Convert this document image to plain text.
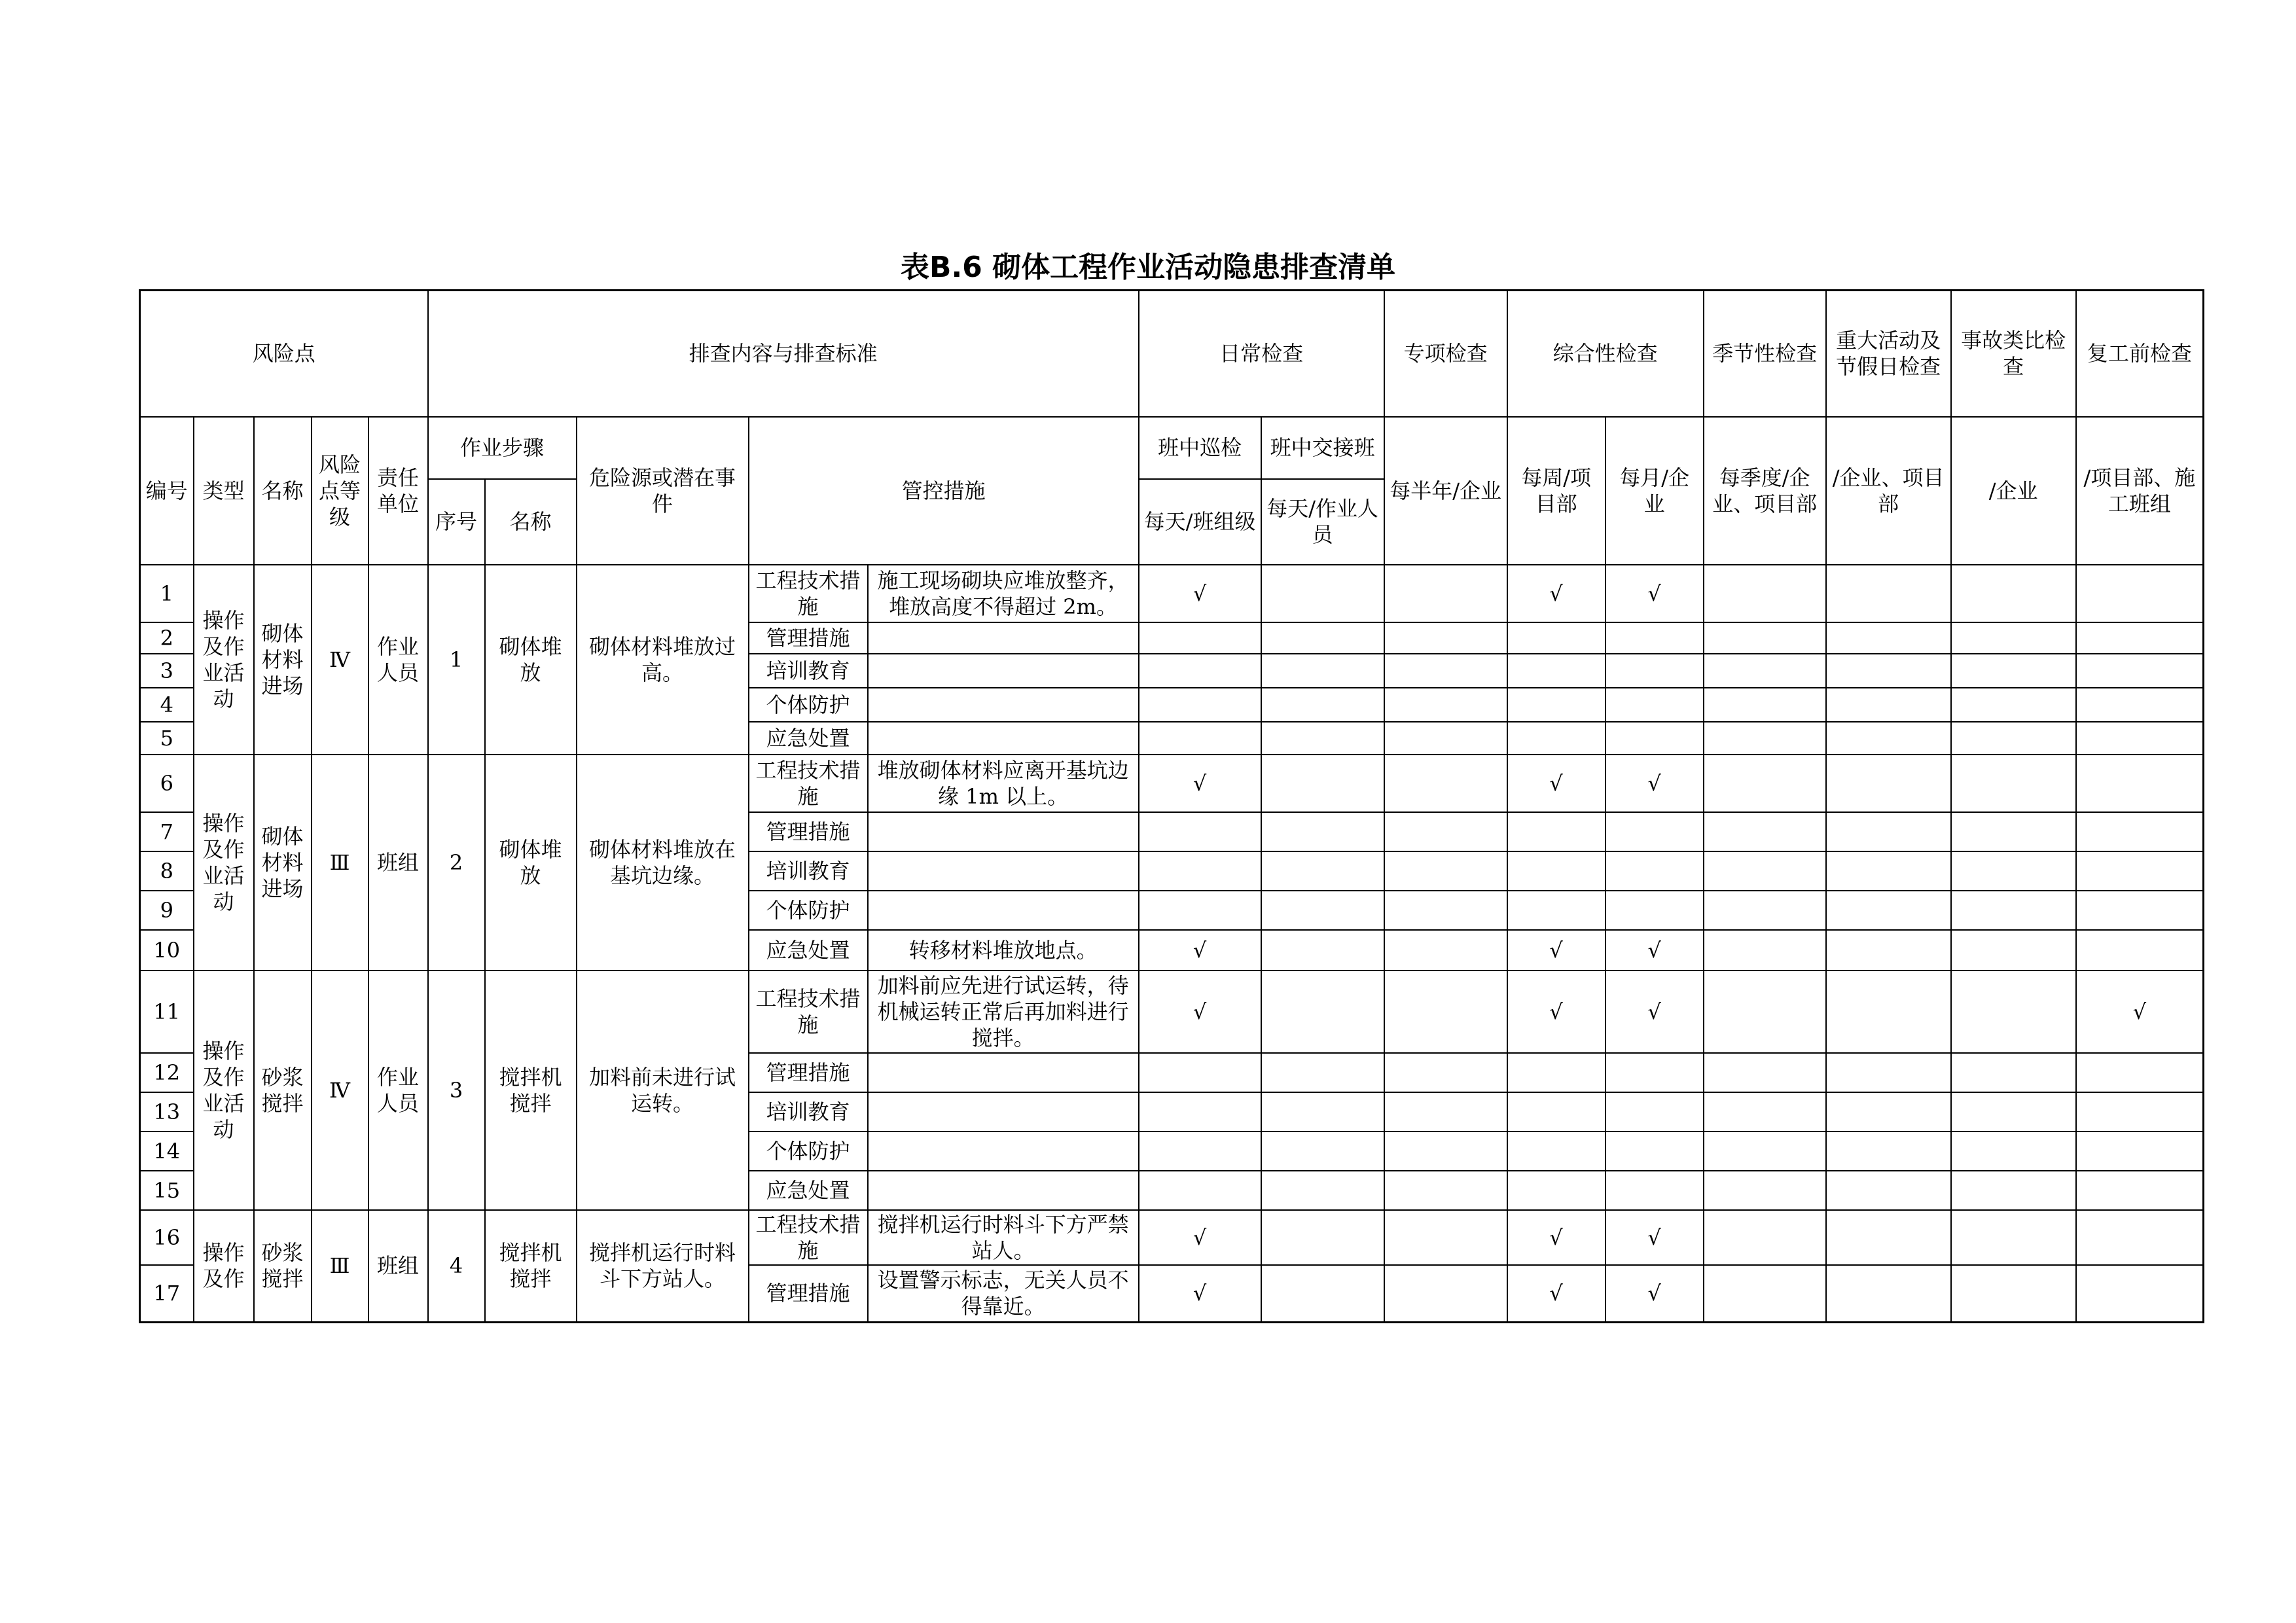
表B.6 砌体工程作业活动隐患排查清单
风险点					排查内容与排查标准					日常检查		专项检查	综合性检查		季节性检查	重大活动及节假日检查	事故类比检查	复工前检查
编号	类型	名称	风险点等级	责任单位	作业步骤		危险源或潜在事件	管控措施		班中巡检	班中交接班	每半年/企业	每周/项目部	每月/企业	每季度/企业、项目部	/企业、项目部	/企业	/项目部、施工班组
					序号	名称				每天/班组级	每天/作业人员							
1	操作及作业活动	砌体材料进场	Ⅳ	作业人员	1	砌体堆放	砌体材料堆放过高。	工程技术措施	施工现场砌块应堆放整齐，堆放高度不得超过 2m。	√			√	√				
2								管理措施										
3								培训教育										
4								个体防护										
5								应急处置										
6	操作及作业活动	砌体材料进场	Ⅲ	班组	2	砌体堆放	砌体材料堆放在基坑边缘。	工程技术措施	堆放砌体材料应离开基坑边缘 1m 以上。	√			√	√				
7								管理措施										
8								培训教育										
9								个体防护										
10								应急处置	转移材料堆放地点。	√			√	√				
11	操作及作业活动	砂浆搅拌	Ⅳ	作业人员	3	搅拌机搅拌	加料前未进行试运转。	工程技术措施	加料前应先进行试运转，待机械运转正常后再加料进行搅拌。	√			√	√				√
12								管理措施										
13								培训教育										
14								个体防护										
15								应急处置										
16	操作及作	砂浆搅拌	Ⅲ	班组	4	搅拌机搅拌	搅拌机运行时料斗下方站人。	工程技术措施	搅拌机运行时料斗下方严禁站人。	√			√	√				
17								管理措施	设置警示标志，无关人员不得靠近。	√			√	√				
